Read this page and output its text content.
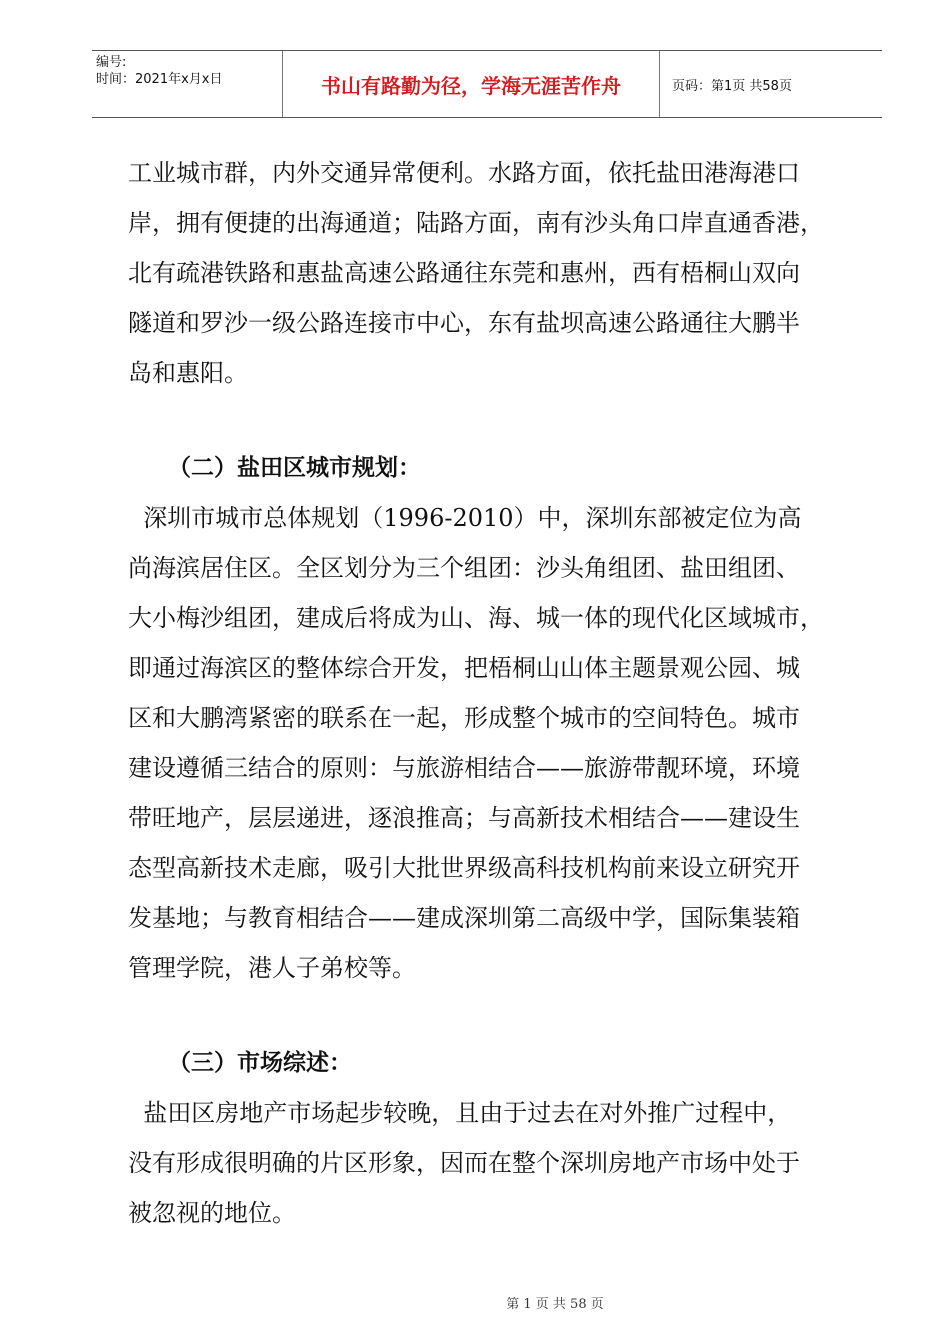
编号:
时间：2021年x月x日	书山有路勤为径，学海无涯苦作舟	页码：第1页 共58页

工业城市群，内外交通异常便利。水路方面，依托盐田港海港口

岸，拥有便捷的出海通道；陆路方面，南有沙头角口岸直通香港，

北有疏港铁路和惠盐高速公路通往东莞和惠州，西有梧桐山双向

隧道和罗沙一级公路连接市中心，东有盐坝高速公路通往大鹏半

岛和惠阳。

（二）盐田区城市规划：

深圳市城市总体规划（1996-2010）中，深圳东部被定位为高

尚海滨居住区。全区划分为三个组团：沙头角组团、盐田组团、

大小梅沙组团，建成后将成为山、海、城一体的现代化区域城市，

即通过海滨区的整体综合开发，把梧桐山山体主题景观公园、城

区和大鹏湾紧密的联系在一起，形成整个城市的空间特色。城市

建设遵循三结合的原则：与旅游相结合——旅游带靓环境，环境

带旺地产，层层递进，逐浪推高；与高新技术相结合——建设生

态型高新技术走廊，吸引大批世界级高科技机构前来设立研究开

发基地；与教育相结合——建成深圳第二高级中学，国际集装箱

管理学院，港人子弟校等。

（三）市场综述：

盐田区房地产市场起步较晚，且由于过去在对外推广过程中，

没有形成很明确的片区形象，因而在整个深圳房地产市场中处于

被忽视的地位。

第 1 页 共 58 页
